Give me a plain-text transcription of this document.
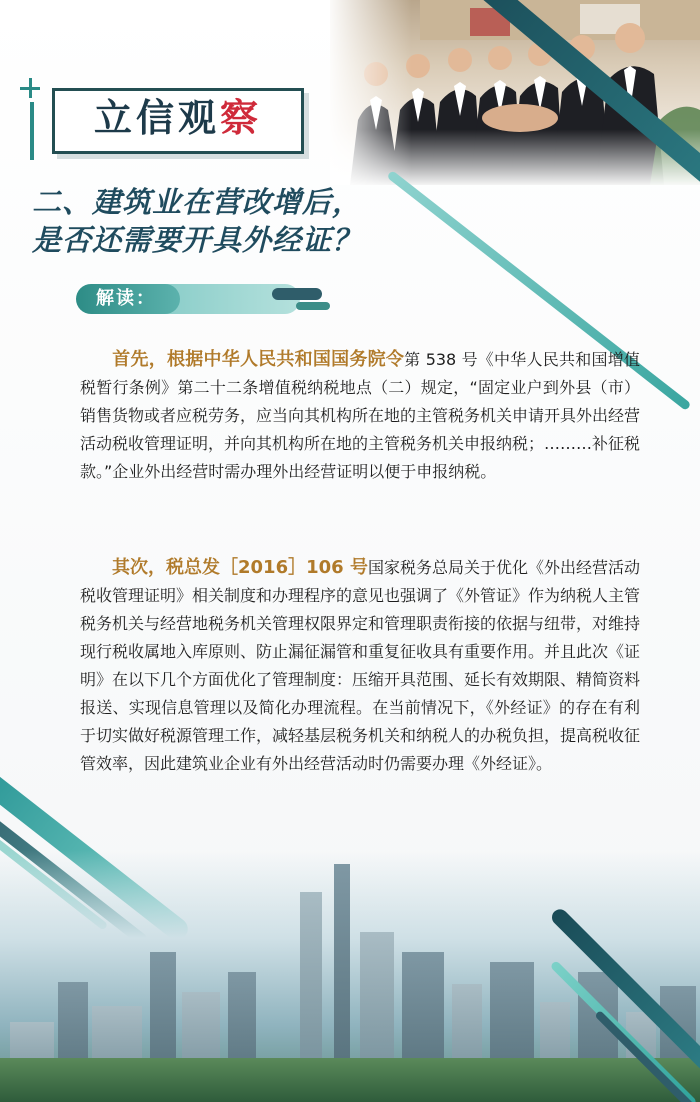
立信观察
二、建筑业在营改增后，
是否还需要开具外经证？
解读：
首先，根据中华人民共和国国务院令第 538 号《中华人民共和国增值税暂行条例》第二十二条增值税纳税地点（二）规定，“固定业户到外县（市）销售货物或者应税劳务，应当向其机构所在地的主管税务机关申请开具外出经营活动税收管理证明，并向其机构所在地的主管税务机关申报纳税；………补征税款。”企业外出经营时需办理外出经营证明以便于申报纳税。
其次，税总发［2016］106 号国家税务总局关于优化《外出经营活动税收管理证明》相关制度和办理程序的意见也强调了《外管证》作为纳税人主管税务机关与经营地税务机关管理权限界定和管理职责衔接的依据与纽带，对维持现行税收属地入库原则、防止漏征漏管和重复征收具有重要作用。并且此次《证明》在以下几个方面优化了管理制度：压缩开具范围、延长有效期限、精简资料报送、实现信息管理以及简化办理流程。在当前情况下，《外经证》的存在有利于切实做好税源管理工作，减轻基层税务机关和纳税人的办税负担，提高税收征管效率，因此建筑业企业有外出经营活动时仍需要办理《外经证》。
